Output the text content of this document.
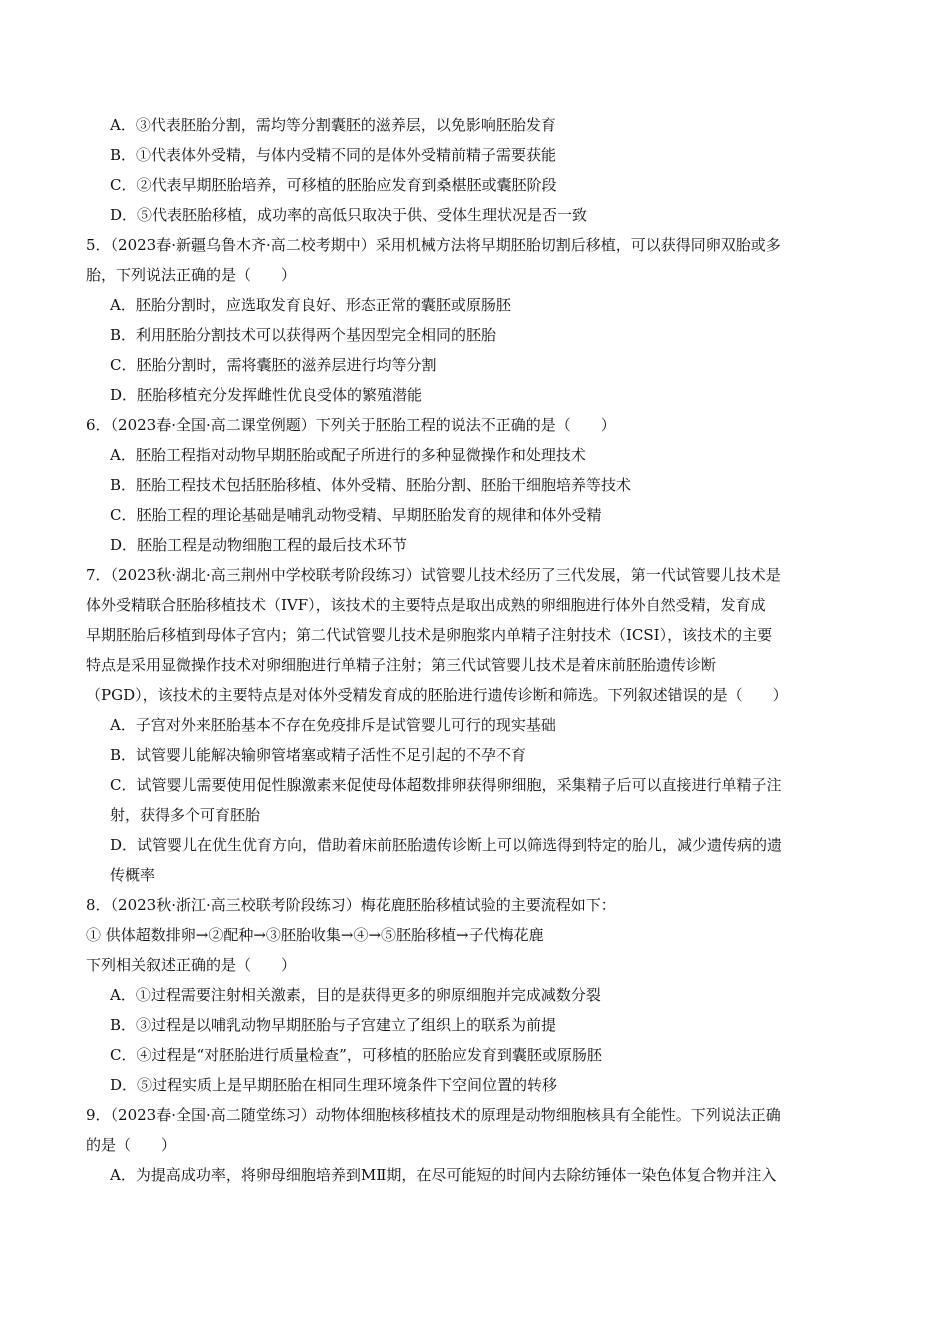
A．③代表胚胎分割，需均等分割囊胚的滋养层，以免影响胚胎发育
B．①代表体外受精，与体内受精不同的是体外受精前精子需要获能
C．②代表早期胚胎培养，可移植的胚胎应发育到桑椹胚或囊胚阶段
D．⑤代表胚胎移植，成功率的高低只取决于供、受体生理状况是否一致
5．（2023春·新疆乌鲁木齐·高二校考期中）采用机械方法将早期胚胎切割后移植，可以获得同卵双胎或多
胎，下列说法正确的是（　　）
A．胚胎分割时，应选取发育良好、形态正常的囊胚或原肠胚
B．利用胚胎分割技术可以获得两个基因型完全相同的胚胎
C．胚胎分割时，需将囊胚的滋养层进行均等分割
D．胚胎移植充分发挥雌性优良受体的繁殖潜能
6．（2023春·全国·高二课堂例题）下列关于胚胎工程的说法不正确的是（　　）
A．胚胎工程指对动物早期胚胎或配子所进行的多种显微操作和处理技术
B．胚胎工程技术包括胚胎移植、体外受精、胚胎分割、胚胎干细胞培养等技术
C．胚胎工程的理论基础是哺乳动物受精、早期胚胎发育的规律和体外受精
D．胚胎工程是动物细胞工程的最后技术环节
7．（2023秋·湖北·高三荆州中学校联考阶段练习）试管婴儿技术经历了三代发展，第一代试管婴儿技术是
体外受精联合胚胎移植技术（IVF），该技术的主要特点是取出成熟的卵细胞进行体外自然受精，发育成
早期胚胎后移植到母体子宫内；第二代试管婴儿技术是卵胞浆内单精子注射技术（ICSI），该技术的主要
特点是采用显微操作技术对卵细胞进行单精子注射；第三代试管婴儿技术是着床前胚胎遗传诊断
（PGD），该技术的主要特点是对体外受精发育成的胚胎进行遗传诊断和筛选。下列叙述错误的是（　　）
A．子宫对外来胚胎基本不存在免疫排斥是试管婴儿可行的现实基础
B．试管婴儿能解决输卵管堵塞或精子活性不足引起的不孕不育
C．试管婴儿需要使用促性腺激素来促使母体超数排卵获得卵细胞，采集精子后可以直接进行单精子注
射，获得多个可育胚胎
D．试管婴儿在优生优育方向，借助着床前胚胎遗传诊断上可以筛选得到特定的胎儿，减少遗传病的遗
传概率
8．（2023秋·浙江·高三校联考阶段练习）梅花鹿胚胎移植试验的主要流程如下：
① 供体超数排卵→②配种→③胚胎收集→④→⑤胚胎移植→子代梅花鹿
下列相关叙述正确的是（　　）
A．①过程需要注射相关激素，目的是获得更多的卵原细胞并完成减数分裂
B．③过程是以哺乳动物早期胚胎与子宫建立了组织上的联系为前提
C．④过程是“对胚胎进行质量检查”，可移植的胚胎应发育到囊胚或原肠胚
D．⑤过程实质上是早期胚胎在相同生理环境条件下空间位置的转移
9．（2023春·全国·高二随堂练习）动物体细胞核移植技术的原理是动物细胞核具有全能性。下列说法正确
的是（　　）
A．为提高成功率，将卵母细胞培养到MⅡ期，在尽可能短的时间内去除纺锤体一染色体复合物并注入
